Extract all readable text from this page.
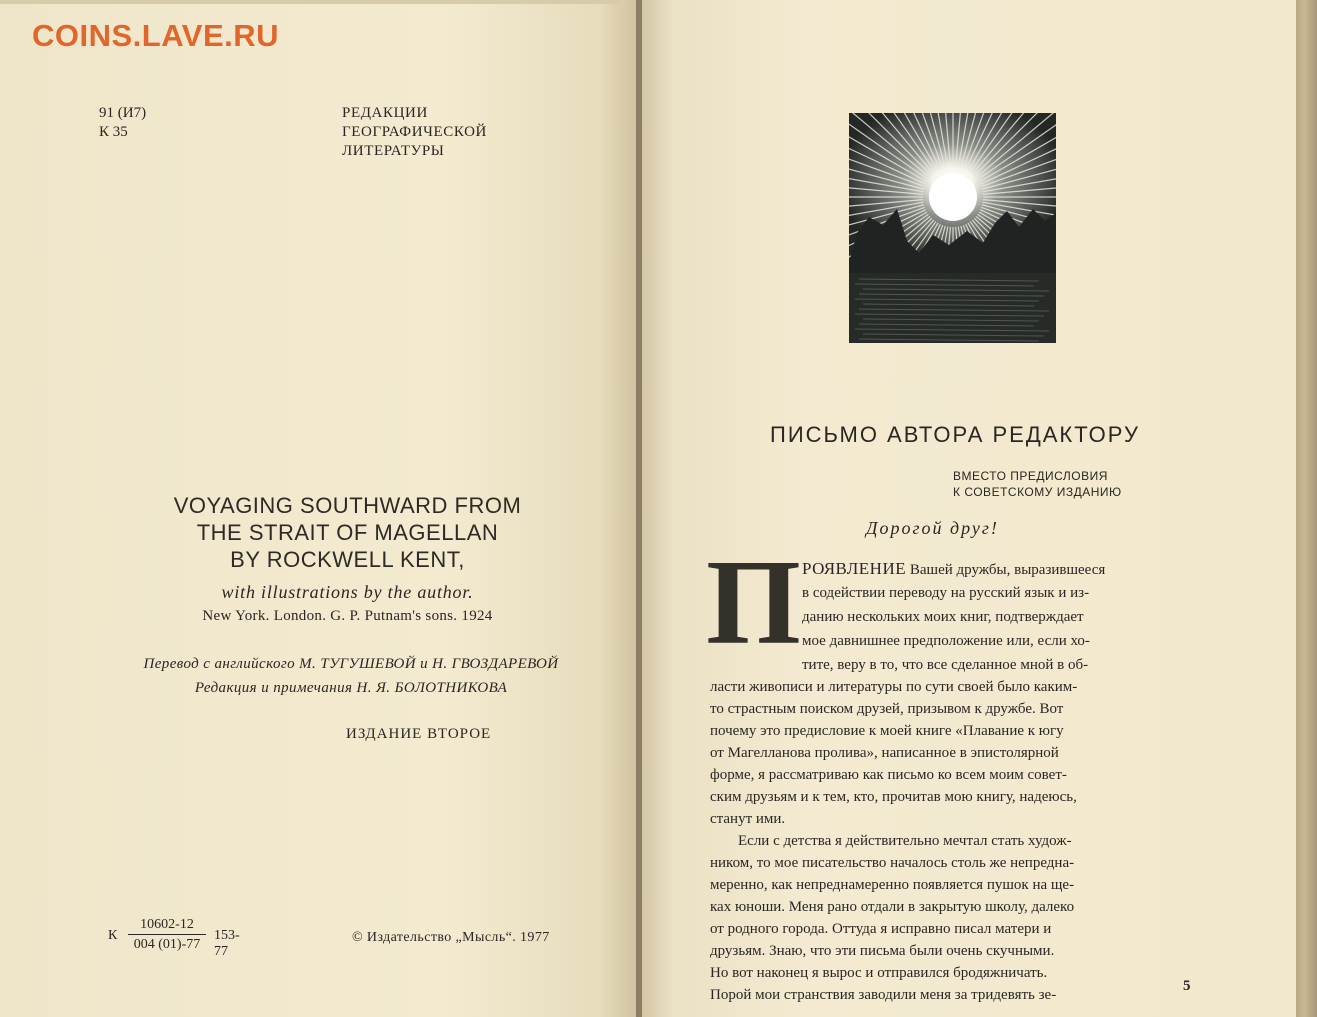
COINS.LAVE.RU
91 (И7)
К 35
РЕДАКЦИИ
ГЕОГРАФИЧЕСКОЙ
ЛИТЕРАТУРЫ
VOYAGING SOUTHWARD FROM
THE STRAIT OF MAGELLAN
BY ROCKWELL KENT,
with illustrations by the author.
New York. London. G. P. Putnam's sons. 1924
Перевод с английского М. ТУГУШЕВОЙ и Н. ГВОЗДАРЕВОЙ
Редакция и примечания Н. Я. БОЛОТНИКОВА
ИЗДАНИЕ ВТОРОЕ
К
10602-12
004 (01)-77
153-77
© Издательство „Мысль“. 1977
ПИСЬМО АВТОРА РЕДАКТОРУ
ВМЕСТО ПРЕДИСЛОВИЯ
К СОВЕТСКОМУ ИЗДАНИЮ
Дорогой друг!
П РОЯВЛЕНИЕ Вашей дружбы, выразившееся
в содействии переводу на русский язык и из-
данию нескольких моих книг, подтверждает
мое давнишнее предположение или, если хо-
тите, веру в то, что все сделанное мной в об-
ласти живописи и литературы по сути своей было каким-
то страстным поиском друзей, призывом к дружбе. Вот
почему это предисловие к моей книге «Плавание к югу
от Магелланова пролива», написанное в эпистолярной
форме, я рассматриваю как письмо ко всем моим совет-
ским друзьям и к тем, кто, прочитав мою книгу, надеюсь,
станут ими.
Если с детства я действительно мечтал стать худож-
ником, то мое писательство началось столь же непредна-
меренно, как непреднамеренно появляется пушок на ще-
ках юноши. Меня рано отдали в закрытую школу, далеко
от родного города. Оттуда я исправно писал матери и
друзьям. Знаю, что эти письма были очень скучными.
Но вот наконец я вырос и отправился бродяжничать.
Порой мои странствия заводили меня за тридевять зе-
5
